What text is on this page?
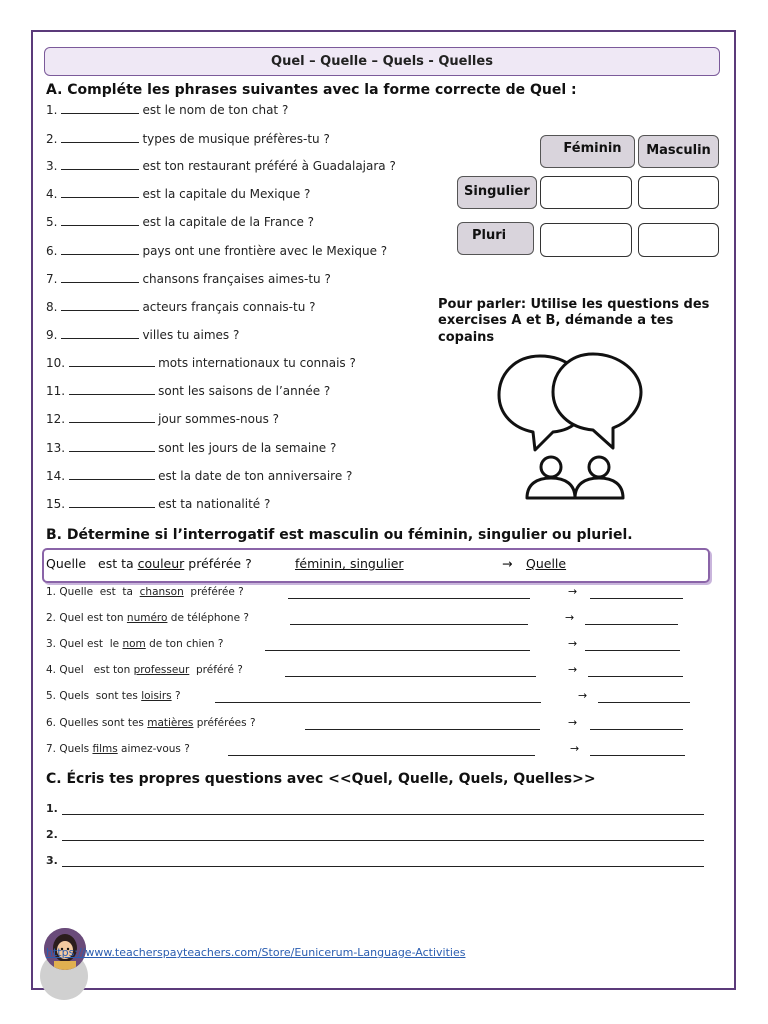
Quel – Quelle – Quels - Quelles
A. Compléte les phrases suivantes avec la forme correcte de Quel :
1.	est le nom de ton chat ?
2.	types de musique préfères-tu ?
3.	est ton restaurant préféré à Guadalajara ?
4.	est la capitale du Mexique ?
5.	est la capitale de la France ?
6.	pays ont une frontière avec le Mexique ?
7.	chansons françaises aimes-tu ?
8.	acteurs français connais-tu ?
9.	villes tu aimes ?
10.	mots internationaux tu connais ?
11.	sont les saisons de l’année ?
12.	jour sommes-nous ?
13.	sont les jours de la semaine ?
14.	est la date de ton anniversaire ?
15.	est ta nationalité ?
Féminin	Masculin
Singulier
Pluri
Pour parler: Utilise les questions des exercises A et B, démande a tes copains
B. Détermine si l’interrogatif est masculin ou féminin, singulier ou pluriel.
Quelle   est ta couleur préférée ?	féminin, singulier	→ Quelle
1. Quelle  est  ta  chanson  préférée ?	→
2. Quel est ton numéro de téléphone ?	→
3. Quel est  le nom de ton chien ?	→
4. Quel   est ton professeur  préféré ?	→
5. Quels  sont tes loisirs ?	→
6. Quelles sont tes matières préférées ?	→
7. Quels films aimez-vous ?	→
C. Écris tes propres questions avec <<Quel, Quelle, Quels, Quelles>>
1.
2.
3.
https://www.teacherspayteachers.com/Store/Eunicerum-Language-Activities
